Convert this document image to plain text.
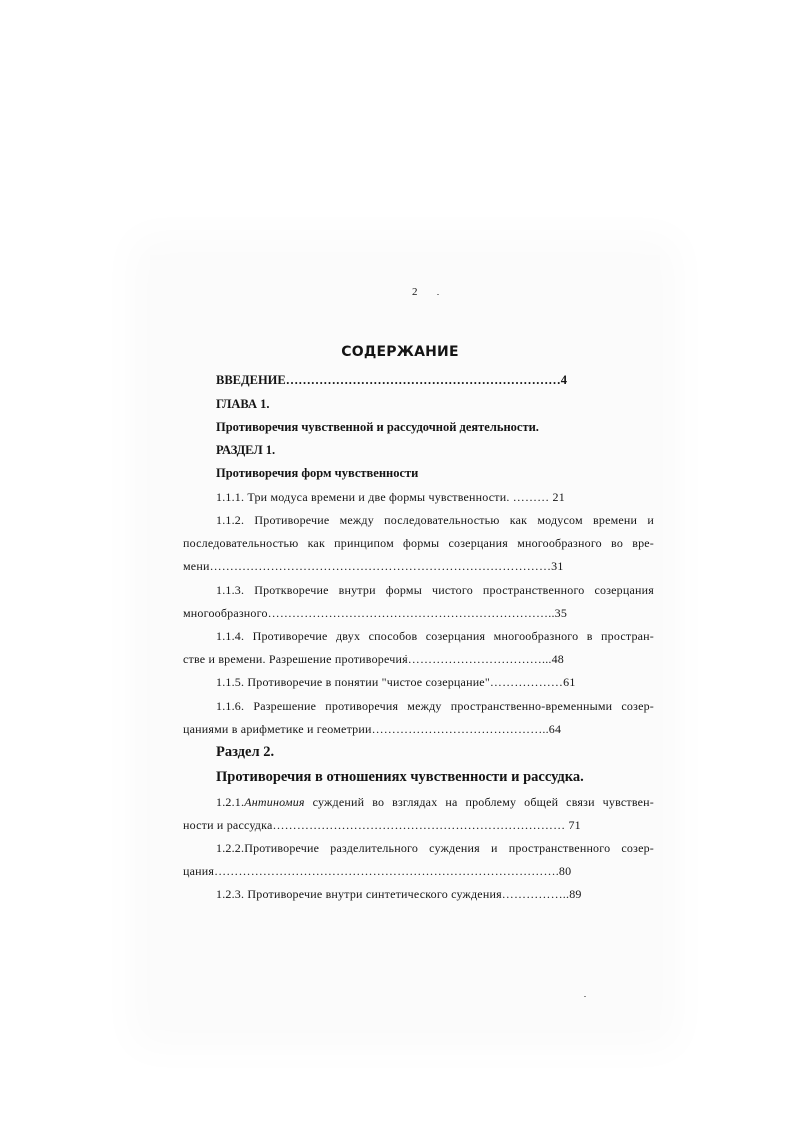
2
СОДЕРЖАНИЕ
ВВЕДЕНИЕ…………………………………………………………4
ГЛАВА 1.
Противоречия чувственной и рассудочной деятельности.
РАЗДЕЛ 1.
Противоречия форм чувственности
1.1.1. Три модуса времени и две формы чувственности. ……… 21
1.1.2. Противоречие между последовательностью как модусом времени и
последовательностью как принципом формы созерцания многообразного во вре-
мени…………………………………………………………………………31
1.1.3. Проткворечие внутри формы чистого пространственного созерцания
многообразного……………………………………………………………..35
1.1.4. Противоречие двух способов созерцания многообразного в простран-
стве и времени. Разрешение противоречия……………………………...48
1.1.5. Противоречие в понятии "чистое созерцание"………………61
1.1.6. Разрешение противоречия между пространственно-временными созер-
цаниями в арифметике и геометрии……………………………………..64
Раздел 2.
Противоречия в отношениях чувственности и рассудка.
1.2.1.Антиномия суждений во взглядах на проблему общей связи чувствен-
ности и рассудка……………………………………………………………… 71
1.2.2.Противоречие разделительного суждения и пространственного созер-
цания………………………………………………………………………….80
1.2.3. Противоречие внутри синтетического суждения……………..89
